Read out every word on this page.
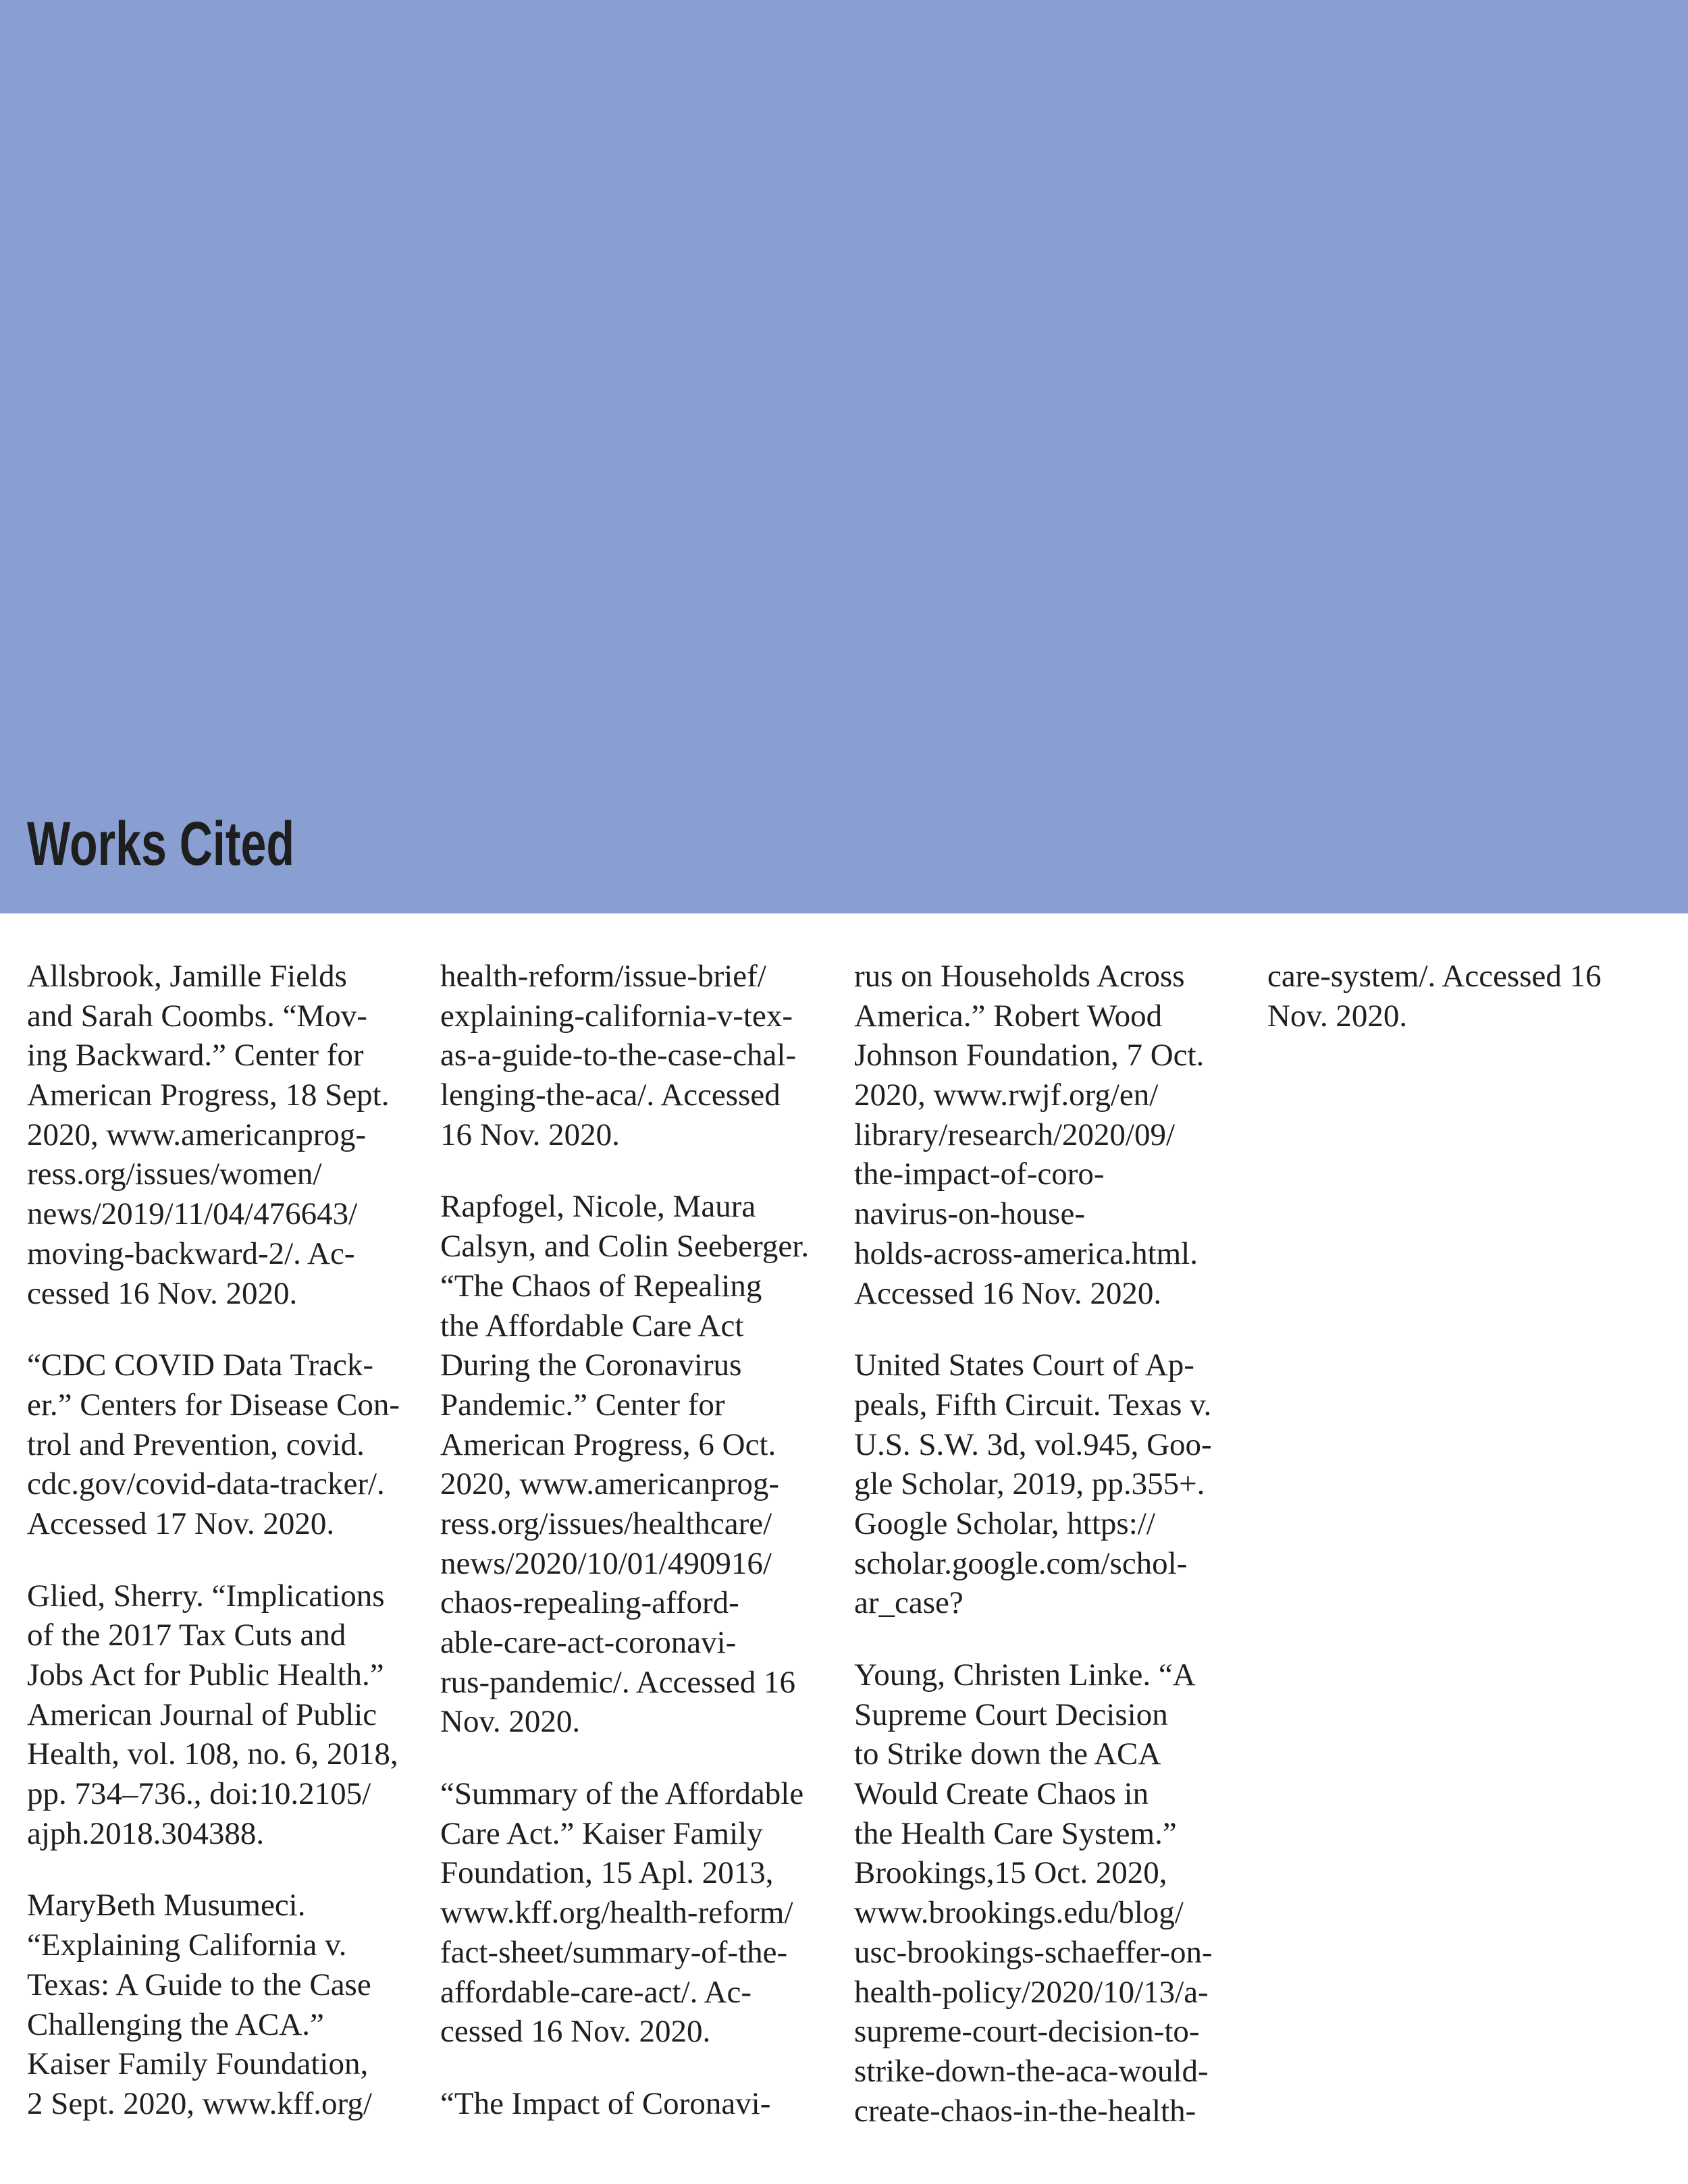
Works Cited
Allsbrook, Jamille Fields
and Sarah Coombs. “Mov-
ing Backward.” Center for
American Progress, 18 Sept.
2020, www.americanprog-
ress.org/issues/women/
news/2019/11/04/476643/
moving-backward-2/. Ac-
cessed 16 Nov. 2020.
“CDC COVID Data Track-
er.” Centers for Disease Con-
trol and Prevention, covid.
cdc.gov/covid-data-tracker/.
Accessed 17 Nov. 2020.
Glied, Sherry. “Implications
of the 2017 Tax Cuts and
Jobs Act for Public Health.”
American Journal of Public
Health, vol. 108, no. 6, 2018,
pp. 734–736., doi:10.2105/
ajph.2018.304388.
MaryBeth Musumeci.
“Explaining California v.
Texas: A Guide to the Case
Challenging the ACA.”
Kaiser Family Foundation,
2 Sept. 2020, www.kff.org/
health-reform/issue-brief/
explaining-california-v-tex-
as-a-guide-to-the-case-chal-
lenging-the-aca/. Accessed
16 Nov. 2020.
Rapfogel, Nicole, Maura
Calsyn, and Colin Seeberger.
“The Chaos of Repealing
the Affordable Care Act
During the Coronavirus
Pandemic.” Center for
American Progress, 6 Oct.
2020, www.americanprog-
ress.org/issues/healthcare/
news/2020/10/01/490916/
chaos-repealing-afford-
able-care-act-coronavi-
rus-pandemic/. Accessed 16
Nov. 2020.
“Summary of the Affordable
Care Act.” Kaiser Family
Foundation, 15 Apl. 2013,
www.kff.org/health-reform/
fact-sheet/summary-of-the-
affordable-care-act/. Ac-
cessed 16 Nov. 2020.
“The Impact of Coronavi-
rus on Households Across
America.” Robert Wood
Johnson Foundation, 7 Oct.
2020, www.rwjf.org/en/
library/research/2020/09/
the-impact-of-coro-
navirus-on-house-
holds-across-america.html.
Accessed 16 Nov. 2020.
United States Court of Ap-
peals, Fifth Circuit. Texas v.
U.S. S.W. 3d, vol.945, Goo-
gle Scholar, 2019, pp.355+.
Google Scholar, https://
scholar.google.com/schol-
ar_case?
Young, Christen Linke. “A
Supreme Court Decision
to Strike down the ACA
Would Create Chaos in
the Health Care System.”
Brookings,15 Oct. 2020,
www.brookings.edu/blog/
usc-brookings-schaeffer-on-
health-policy/2020/10/13/a-
supreme-court-decision-to-
strike-down-the-aca-would-
create-chaos-in-the-health-
care-system/. Accessed 16
Nov. 2020.
